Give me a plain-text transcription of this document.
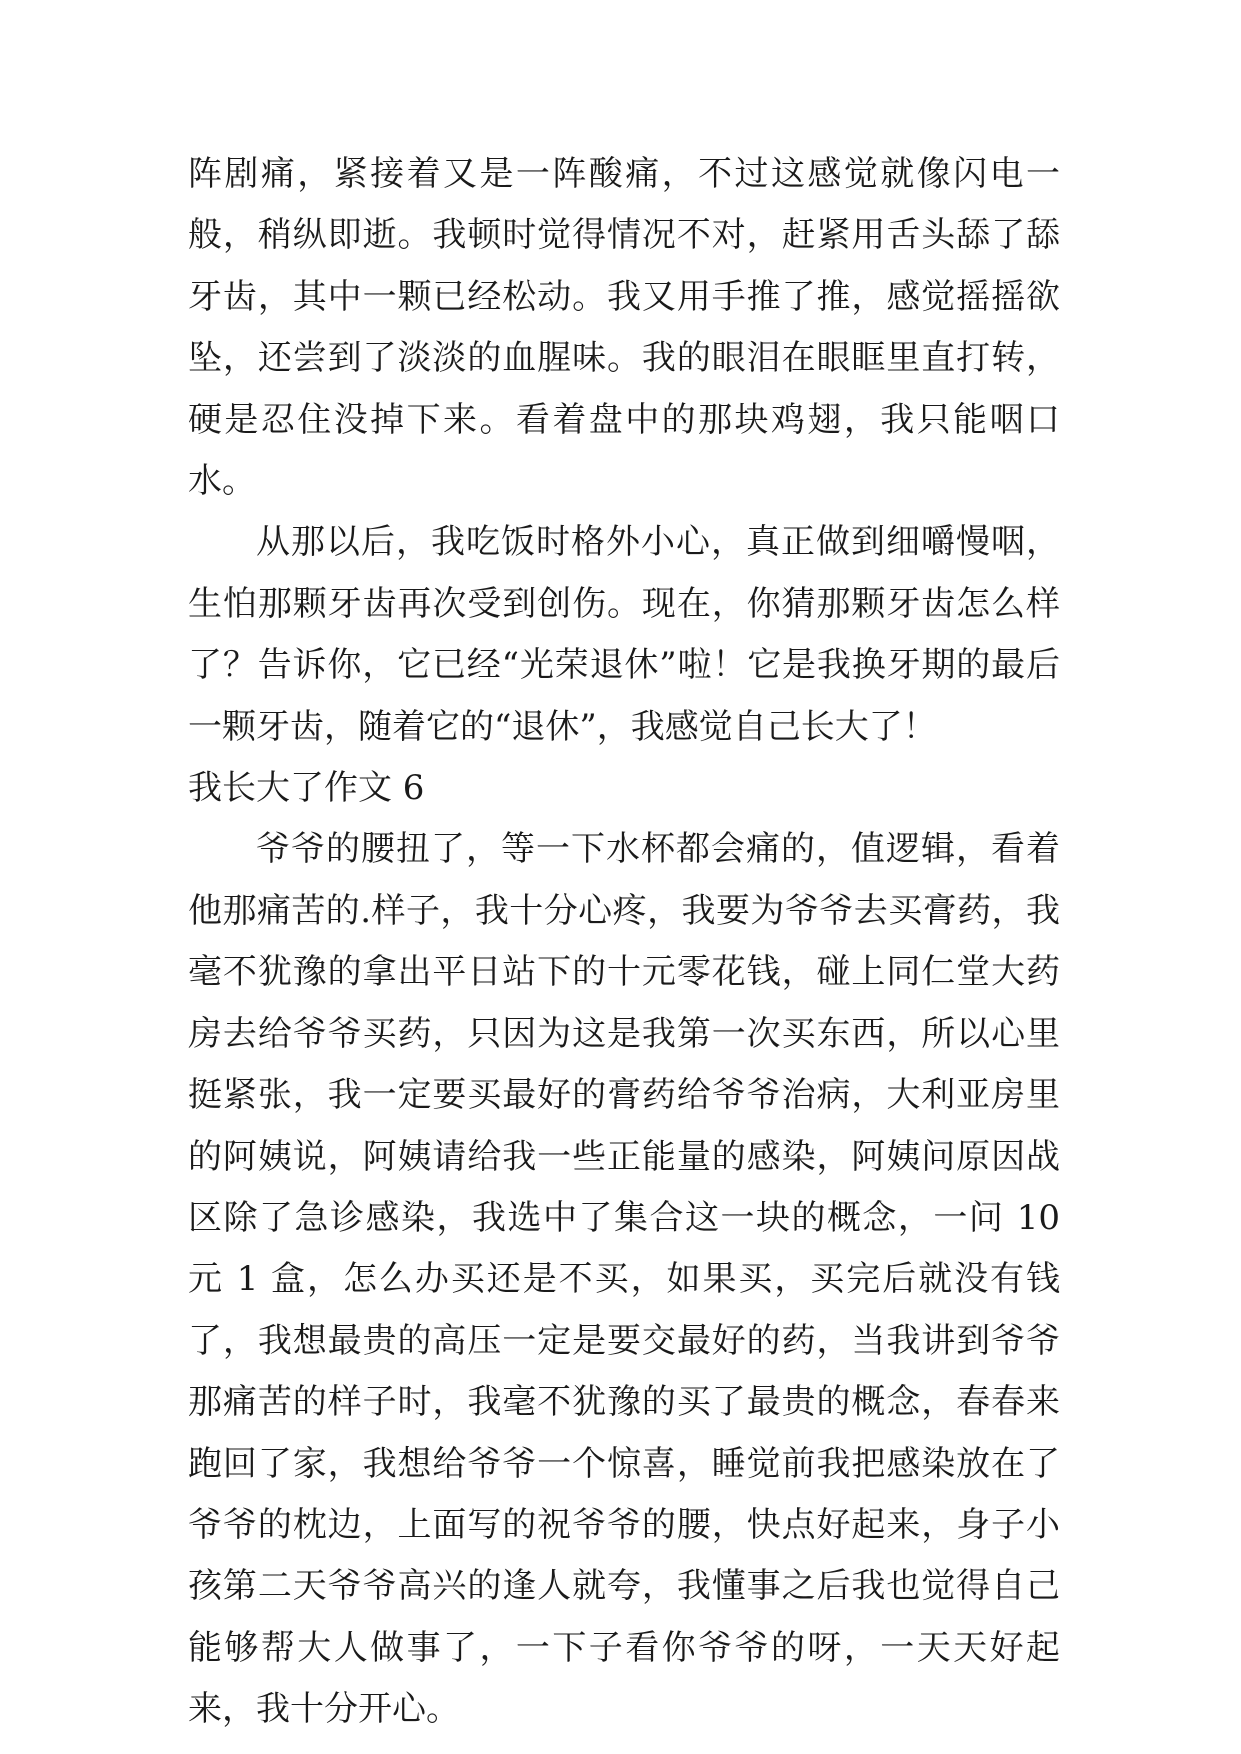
阵剧痛，紧接着又是一阵酸痛，不过这感觉就像闪电一般，稍纵即逝。我顿时觉得情况不对，赶紧用舌头舔了舔牙齿，其中一颗已经松动。我又用手推了推，感觉摇摇欲坠，还尝到了淡淡的血腥味。我的眼泪在眼眶里直打转，硬是忍住没掉下来。看着盘中的那块鸡翅，我只能咽口水。

从那以后，我吃饭时格外小心，真正做到细嚼慢咽，生怕那颗牙齿再次受到创伤。现在，你猜那颗牙齿怎么样了？告诉你，它已经“光荣退休”啦！它是我换牙期的最后一颗牙齿，随着它的“退休”，我感觉自己长大了！

我长大了作文 6

爷爷的腰扭了，等一下水杯都会痛的，值逻辑，看着他那痛苦的.样子，我十分心疼，我要为爷爷去买膏药，我毫不犹豫的拿出平日站下的十元零花钱，碰上同仁堂大药房去给爷爷买药，只因为这是我第一次买东西，所以心里挺紧张，我一定要买最好的膏药给爷爷治病，大利亚房里的阿姨说，阿姨请给我一些正能量的感染，阿姨问原因战区除了急诊感染，我选中了集合这一块的概念，一问 10 元 1 盒，怎么办买还是不买，如果买，买完后就没有钱了，我想最贵的高压一定是要交最好的药，当我讲到爷爷那痛苦的样子时，我毫不犹豫的买了最贵的概念，春春来跑回了家，我想给爷爷一个惊喜，睡觉前我把感染放在了爷爷的枕边，上面写的祝爷爷的腰，快点好起来，身子小孩第二天爷爷高兴的逢人就夸，我懂事之后我也觉得自己能够帮大人做事了，一下子看你爷爷的呀，一天天好起来，我十分开心。
